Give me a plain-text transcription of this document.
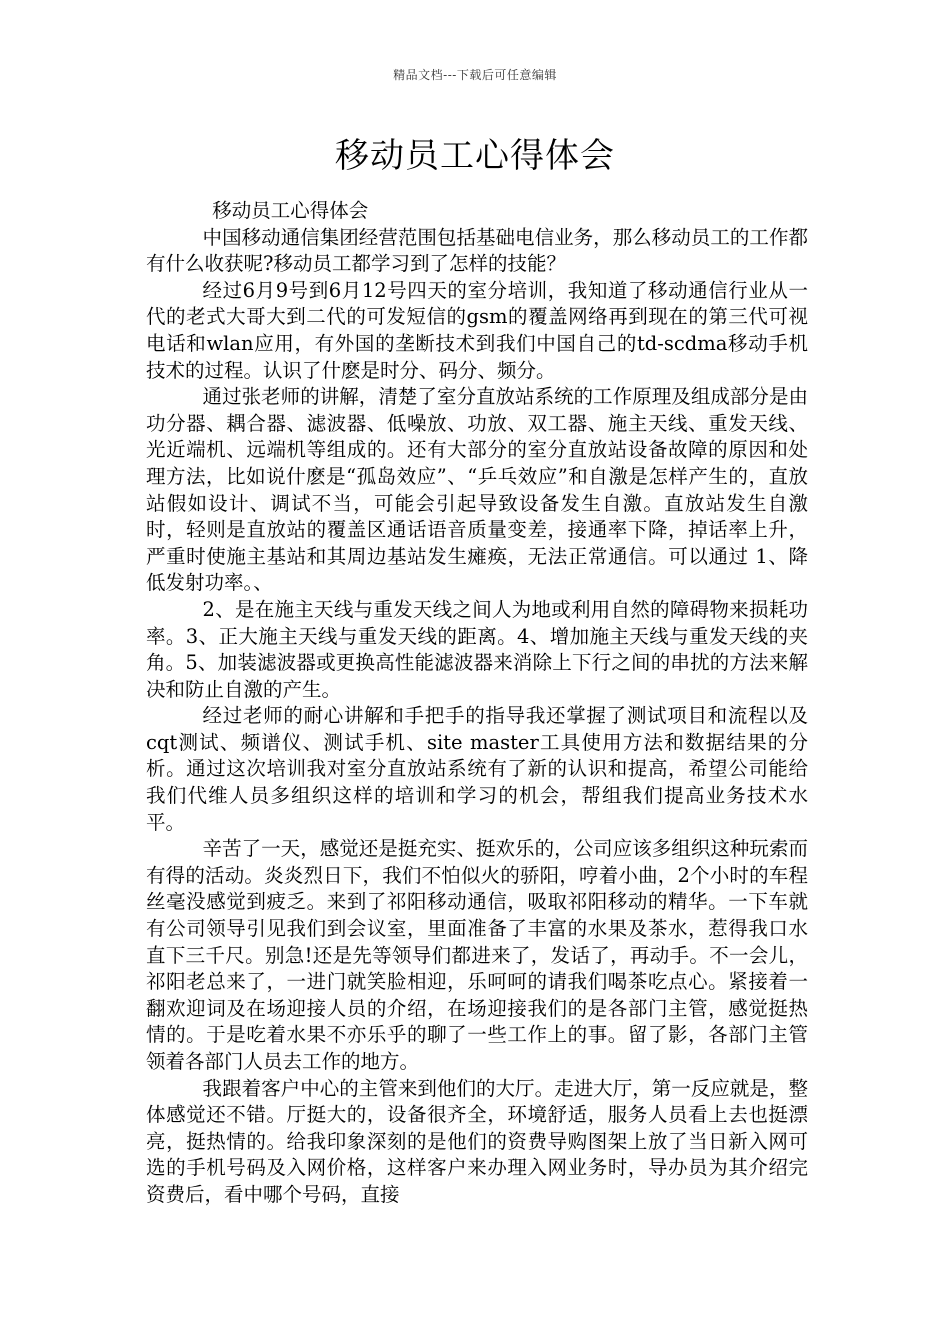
精品文档---下载后可任意编辑
移动员工心得体会

移动员工心得体会

中国移动通信集团经营范围包括基础电信业务，那么移动员工的工作都有什么收获呢?移动员工都学习到了怎样的技能？

经过6月9号到6月12号四天的室分培训，我知道了移动通信行业从一代的老式大哥大到二代的可发短信的gsm的覆盖网络再到现在的第三代可视电话和wlan应用，有外国的垄断技术到我们中国自己的td-scdma移动手机技术的过程。认识了什麽是时分、码分、频分。

通过张老师的讲解，清楚了室分直放站系统的工作原理及组成部分是由功分器、耦合器、滤波器、低噪放、功放、双工器、施主天线、重发天线、光近端机、远端机等组成的。还有大部分的室分直放站设备故障的原因和处理方法，比如说什麽是“孤岛效应”、“乒乓效应”和自激是怎样产生的，直放站假如设计、调试不当，可能会引起导致设备发生自激。直放站发生自激时，轻则是直放站的覆盖区通话语音质量变差，接通率下降，掉话率上升，严重时使施主基站和其周边基站发生瘫痪，无法正常通信。可以通过 1、降低发射功率。、

2、是在施主天线与重发天线之间人为地或利用自然的障碍物来损耗功率。3、正大施主天线与重发天线的距离。4、增加施主天线与重发天线的夹角。5、加装滤波器或更换高性能滤波器来消除上下行之间的串扰的方法来解决和防止自激的产生。

经过老师的耐心讲解和手把手的指导我还掌握了测试项目和流程以及cqt测试、频谱仪、测试手机、site master工具使用方法和数据结果的分析。通过这次培训我对室分直放站系统有了新的认识和提高，希望公司能给我们代维人员多组织这样的培训和学习的机会，帮组我们提高业务技术水平。

辛苦了一天，感觉还是挺充实、挺欢乐的，公司应该多组织这种玩索而有得的活动。炎炎烈日下，我们不怕似火的骄阳，哼着小曲，2个小时的车程丝毫没感觉到疲乏。来到了祁阳移动通信，吸取祁阳移动的精华。一下车就有公司领导引见我们到会议室，里面准备了丰富的水果及茶水，惹得我口水直下三千尺。别急!还是先等领导们都进来了，发话了，再动手。不一会儿，祁阳老总来了，一进门就笑脸相迎，乐呵呵的请我们喝茶吃点心。紧接着一翻欢迎词及在场迎接人员的介绍，在场迎接我们的是各部门主管，感觉挺热情的。于是吃着水果不亦乐乎的聊了一些工作上的事。留了影，各部门主管领着各部门人员去工作的地方。

我跟着客户中心的主管来到他们的大厅。走进大厅，第一反应就是，整体感觉还不错。厅挺大的，设备很齐全，环境舒适，服务人员看上去也挺漂亮，挺热情的。给我印象深刻的是他们的资费导购图架上放了当日新入网可选的手机号码及入网价格，这样客户来办理入网业务时，导办员为其介绍完资费后，看中哪个号码，直接
